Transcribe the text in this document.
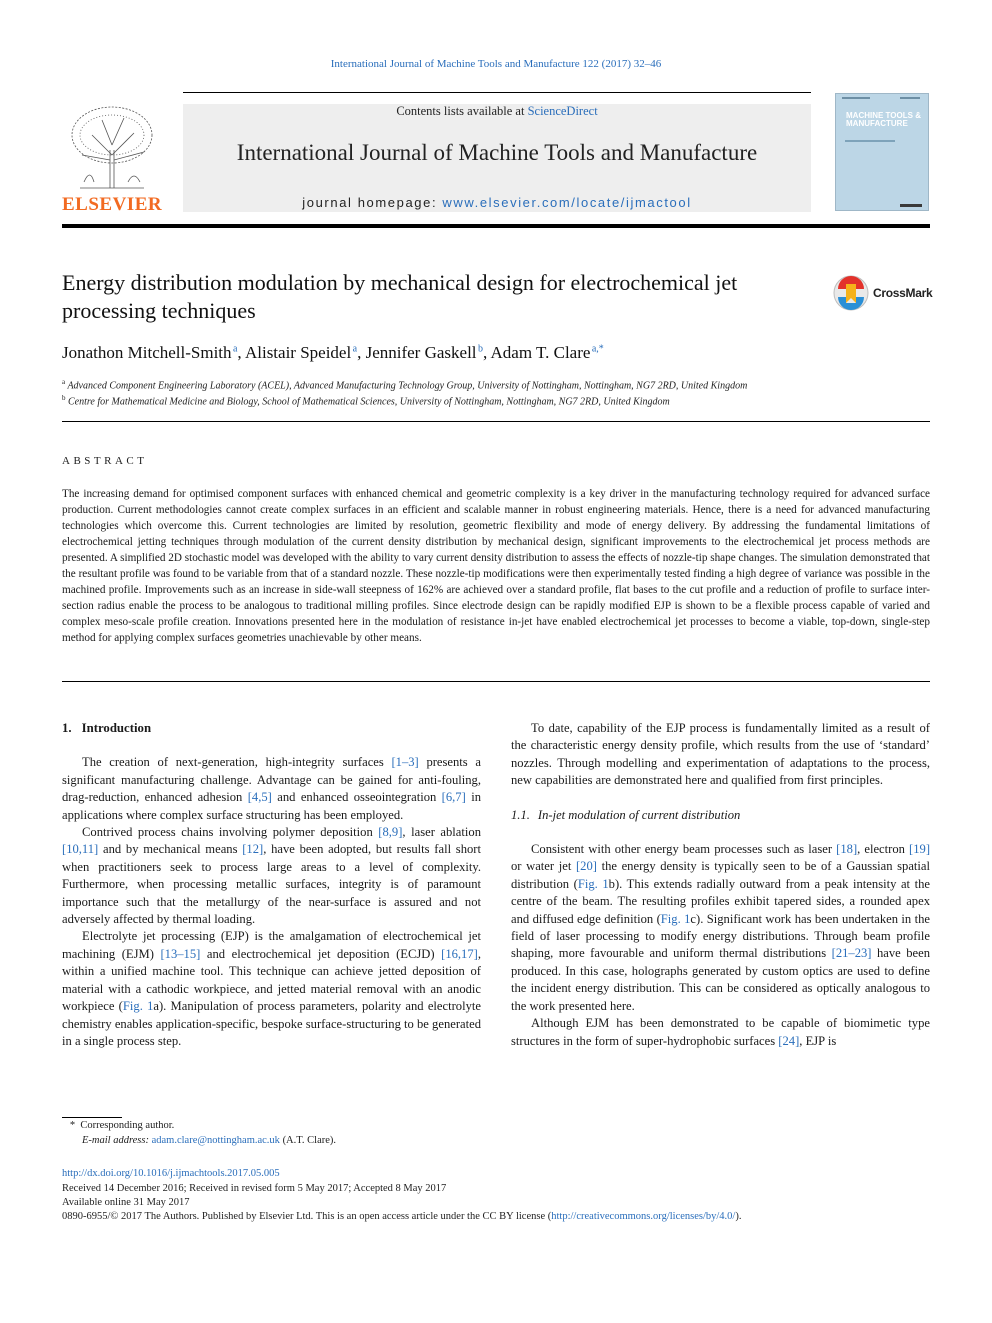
International Journal of Machine Tools and Manufacture 122 (2017) 32–46
ELSEVIER
Contents lists available at ScienceDirect
International Journal of Machine Tools and Manufacture
journal homepage: www.elsevier.com/locate/ijmactool
MACHINE TOOLS & MANUFACTURE
Energy distribution modulation by mechanical design for electrochemical jet processing techniques
CrossMark
Jonathon Mitchell-Smith $^a$, Alistair Speidel $^a$, Jennifer Gaskell $^b$, Adam T. Clare $^{a,*}$
$^a$ Advanced Component Engineering Laboratory (ACEL), Advanced Manufacturing Technology Group, University of Nottingham, Nottingham, NG7 2RD, United Kingdom
$^b$ Centre for Mathematical Medicine and Biology, School of Mathematical Sciences, University of Nottingham, Nottingham, NG7 2RD, United Kingdom
ABSTRACT
The increasing demand for optimised component surfaces with enhanced chemical and geometric complexity is a key driver in the manufacturing technology required for advanced surface production. Current methodologies cannot create complex surfaces in an efficient and scalable manner in robust engineering materials. Hence, there is a need for advanced manufacturing technologies which overcome this. Current technologies are limited by resolution, geometric flexibility and mode of energy delivery. By addressing the fundamental limitations of electrochemical jetting techniques through modulation of the current density distribution by mechanical design, significant improvements to the electrochemical jet process methods are presented. A simplified 2D stochastic model was developed with the ability to vary current density distribution to assess the effects of nozzle-tip shape changes. The simulation demonstrated that the resultant profile was found to be variable from that of a standard nozzle. These nozzle-tip modifications were then experimentally tested finding a high degree of variance was possible in the machined profile. Improvements such as an increase in side-wall steepness of 162% are achieved over a standard profile, flat bases to the cut profile and a reduction of profile to surface inter-section radius enable the process to be analogous to traditional milling profiles. Since electrode design can be rapidly modified EJP is shown to be a flexible process capable of varied and complex meso-scale profile creation. Innovations presented here in the modulation of resistance in-jet have enabled electrochemical jet processes to become a viable, top-down, single-step method for applying complex surfaces geometries unachievable by other means.
1. Introduction

The creation of next-generation, high-integrity surfaces [1–3] presents a significant manufacturing challenge. Advantage can be gained for anti-fouling, drag-reduction, enhanced adhesion [4,5] and enhanced osseointegration [6,7] in applications where complex surface structuring has been employed.

Contrived process chains involving polymer deposition [8,9], laser ablation [10,11] and by mechanical means [12], have been adopted, but results fall short when practitioners seek to process large areas to a level of complexity. Furthermore, when processing metallic surfaces, integrity is of paramount importance such that the metallurgy of the near-surface is assured and not adversely affected by thermal loading.

Electrolyte jet processing (EJP) is the amalgamation of electrochemical jet machining (EJM) [13–15] and electrochemical jet deposition (ECJD) [16,17], within a unified machine tool. This technique can achieve jetted deposition of material with a cathodic workpiece, and jetted material removal with an anodic workpiece (Fig. 1a). Manipulation of process parameters, polarity and electrolyte chemistry enables application-specific, bespoke surface-structuring to be generated in a single process step.

To date, capability of the EJP process is fundamentally limited as a result of the characteristic energy density profile, which results from the use of ‘standard’ nozzles. Through modelling and experimentation of adaptations to the process, new capabilities are demonstrated here and qualified from first principles.

1.1. In-jet modulation of current distribution

Consistent with other energy beam processes such as laser [18], electron [19] or water jet [20] the energy density is typically seen to be of a Gaussian spatial distribution (Fig. 1b). This extends radially outward from a peak intensity at the centre of the beam. The resulting profiles exhibit tapered sides, a rounded apex and diffused edge definition (Fig. 1c). Significant work has been undertaken in the field of laser processing to modify energy distributions. Through beam profile shaping, more favourable and uniform thermal distributions [21–23] have been produced. In this case, holographs generated by custom optics are used to define the incident energy distribution. This can be considered as optically analogous to the work presented here.

Although EJM has been demonstrated to be capable of biomimetic type structures in the form of super-hydrophobic surfaces [24], EJP is

*  Corresponding author.
E-mail address: adam.clare@nottingham.ac.uk (A.T. Clare).
http://dx.doi.org/10.1016/j.ijmachtools.2017.05.005
Received 14 December 2016; Received in revised form 5 May 2017; Accepted 8 May 2017
Available online 31 May 2017
0890-6955/© 2017 The Authors. Published by Elsevier Ltd. This is an open access article under the CC BY license (http://creativecommons.org/licenses/by/4.0/).
